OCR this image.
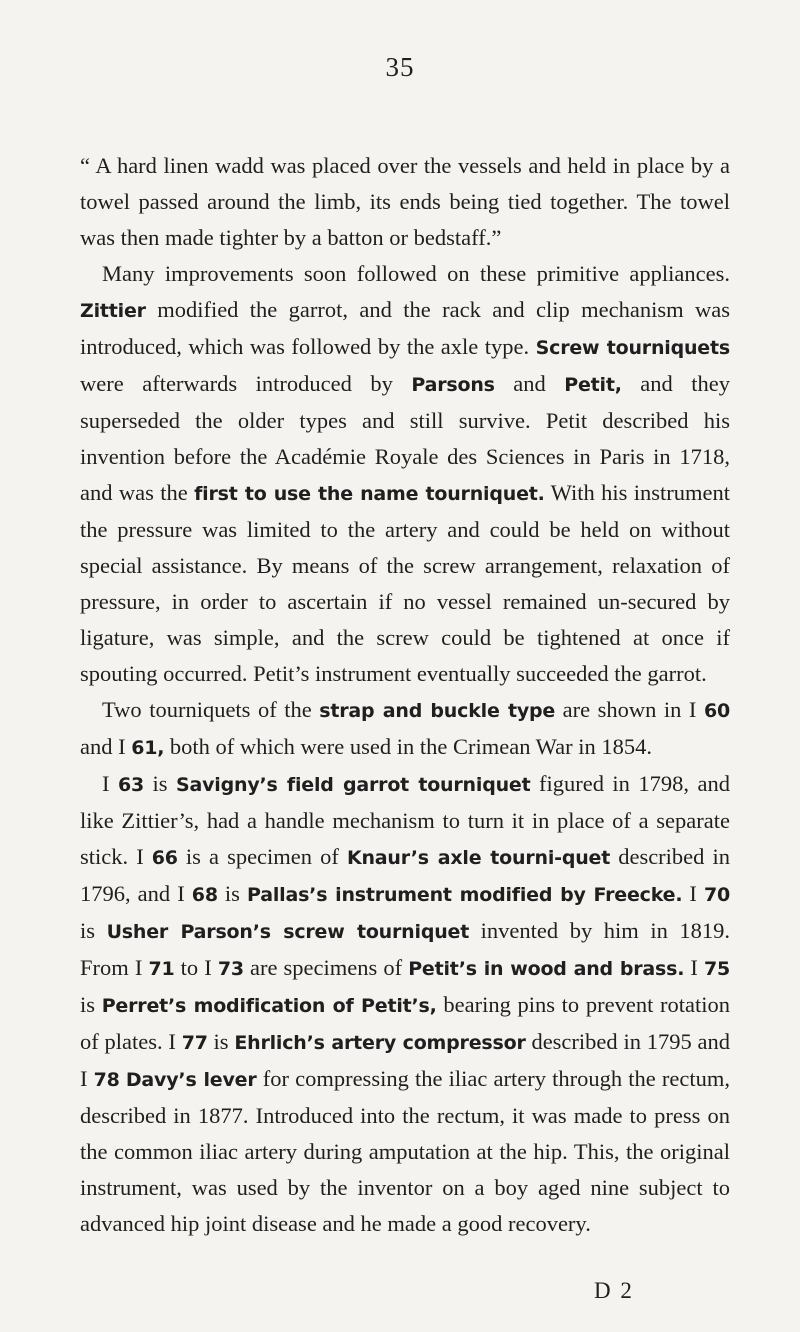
35

“ A hard linen wadd was placed over the vessels and held in place by a towel passed around the limb, its ends being tied together. The towel was then made tighter by a batton or bedstaff.”

Many improvements soon followed on these primitive appliances. Zittier modified the garrot, and the rack and clip mechanism was introduced, which was followed by the axle type. Screw tourniquets were afterwards introduced by Parsons and Petit, and they superseded the older types and still survive. Petit described his invention before the Académie Royale des Sciences in Paris in 1718, and was the first to use the name tourniquet. With his instrument the pressure was limited to the artery and could be held on without special assistance. By means of the screw arrangement, relaxation of pressure, in order to ascertain if no vessel remained un-secured by ligature, was simple, and the screw could be tightened at once if spouting occurred. Petit’s instrument eventually succeeded the garrot.

Two tourniquets of the strap and buckle type are shown in I 60 and I 61, both of which were used in the Crimean War in 1854.

I 63 is Savigny’s field garrot tourniquet figured in 1798, and like Zittier’s, had a handle mechanism to turn it in place of a separate stick. I 66 is a specimen of Knaur’s axle tourni-quet described in 1796, and I 68 is Pallas’s instrument modified by Freecke. I 70 is Usher Parson’s screw tourniquet invented by him in 1819. From I 71 to I 73 are specimens of Petit’s in wood and brass. I 75 is Perret’s modification of Petit’s, bearing pins to prevent rotation of plates. I 77 is Ehrlich’s artery compressor described in 1795 and I 78 Davy’s lever for compressing the iliac artery through the rectum, described in 1877. Introduced into the rectum, it was made to press on the common iliac artery during amputation at the hip. This, the original instrument, was used by the inventor on a boy aged nine subject to advanced hip joint disease and he made a good recovery.

D 2
